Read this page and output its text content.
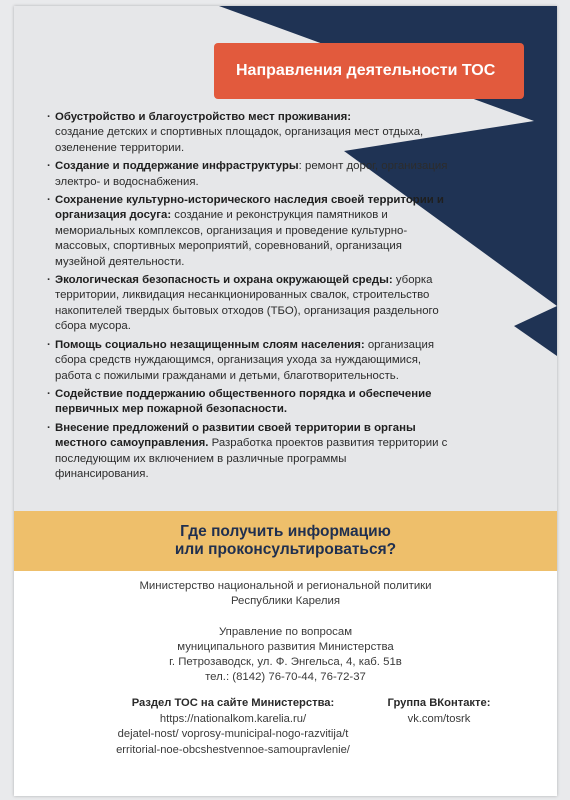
Направления деятельности ТОС
· Обустройство и благоустройство мест проживания:
создание детских и спортивных площадок, организация мест отдыха,
озеленение территории.
· Создание и поддержание инфраструктуры: ремонт дорог, организация
электро- и водоснабжения.
· Сохранение культурно-исторического наследия своей территории и
организация досуга: создание и реконструкция памятников и
мемориальных комплексов, организация и проведение культурно-
массовых, спортивных мероприятий, соревнований, организация
музейной деятельности.
· Экологическая безопасность и охрана окружающей среды: уборка
территории, ликвидация несанкционированных свалок, строительство
накопителей твердых бытовых отходов (ТБО), организация раздельного
сбора мусора.
· Помощь социально незащищенным слоям населения: организация
сбора средств нуждающимся, организация ухода за нуждающимися,
работа с пожилыми гражданами и детьми, благотворительность.
· Содействие поддержанию общественного порядка и обеспечение
первичных мер пожарной безопасности.
· Внесение предложений о развитии своей территории в органы
местного самоуправления. Разработка проектов развития территории с
последующим их включением в различные программы
финансирования.
Где получить информацию
или проконсультироваться?
Министерство национальной и региональной политики
Республики Карелия
Управление по вопросам
муниципального развития Министерства
г. Петрозаводск, ул. Ф. Энгельса, 4, каб. 51в
тел.: (8142) 76-70-44, 76-72-37
Раздел ТОС на сайте Министерства:
https://nationalkom.karelia.ru/
dejatel-nost/ voprosy-municipal-nogo-razvitija/t
erritorial-noe-obcshestvennoe-samoupravlenie/
Группа ВКонтакте:
vk.com/tosrk
